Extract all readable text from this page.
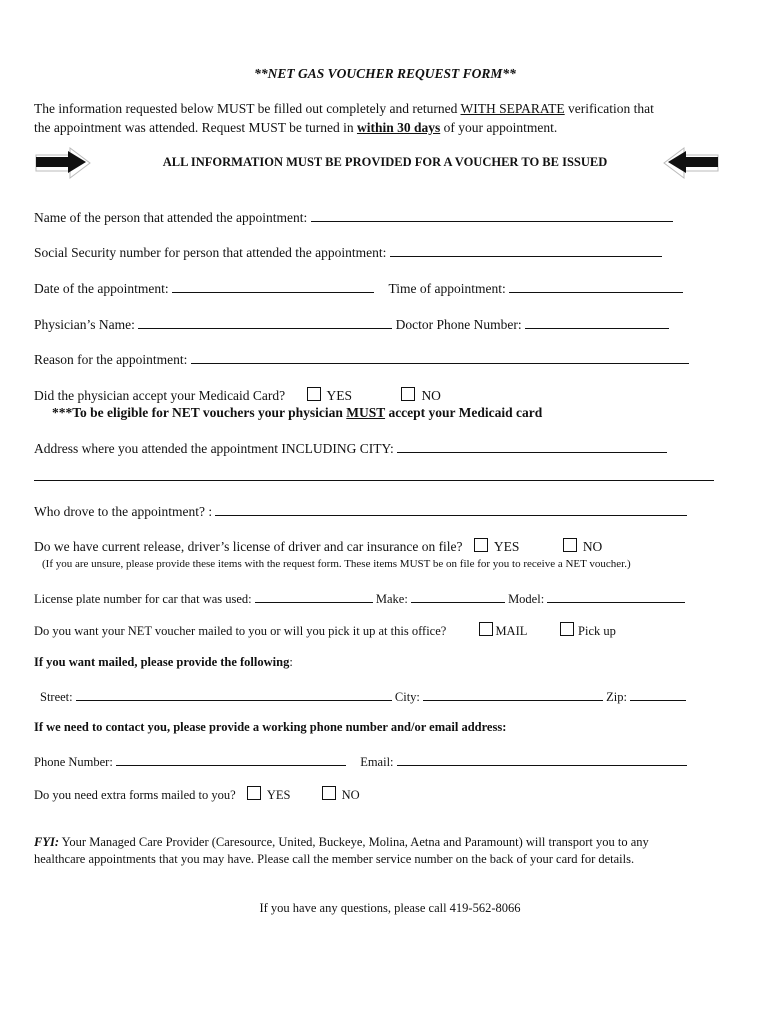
**NET GAS VOUCHER REQUEST FORM**
The information requested below MUST be filled out completely and returned WITH SEPARATE verification that
the appointment was attended. Request MUST be turned in within 30 days of your appointment.
ALL INFORMATION MUST BE PROVIDED FOR A VOUCHER TO BE ISSUED
Name of the person that attended the appointment:
Social Security number for person that attended the appointment:
Date of the appointment:	Time of appointment:
Physician’s Name:	Doctor Phone Number:
Reason for the appointment:
Did the physician accept your Medicaid Card?	YES	NO
***To be eligible for NET vouchers your physician MUST accept your Medicaid card
Address where you attended the appointment INCLUDING CITY:
Who drove to the appointment? :
Do we have current release, driver’s license of driver and car insurance on file? YES	NO
(If you are unsure, please provide these items with the request form. These items MUST be on file for you to receive a NET voucher.)
License plate number for car that was used:	Make:	Model:
Do you want your NET voucher mailed to you or will you pick it up at this office?	MAIL	Pick up
If you want mailed, please provide the following:
Street:	City:	Zip:
If we need to contact you, please provide a working phone number and/or email address:
Phone Number:	Email:
Do you need extra forms mailed to you? YES	NO
FYI: Your Managed Care Provider (Caresource, United, Buckeye, Molina, Aetna and Paramount) will transport you to any
healthcare appointments that you may have. Please call the member service number on the back of your card for details.
If you have any questions, please call 419-562-8066
